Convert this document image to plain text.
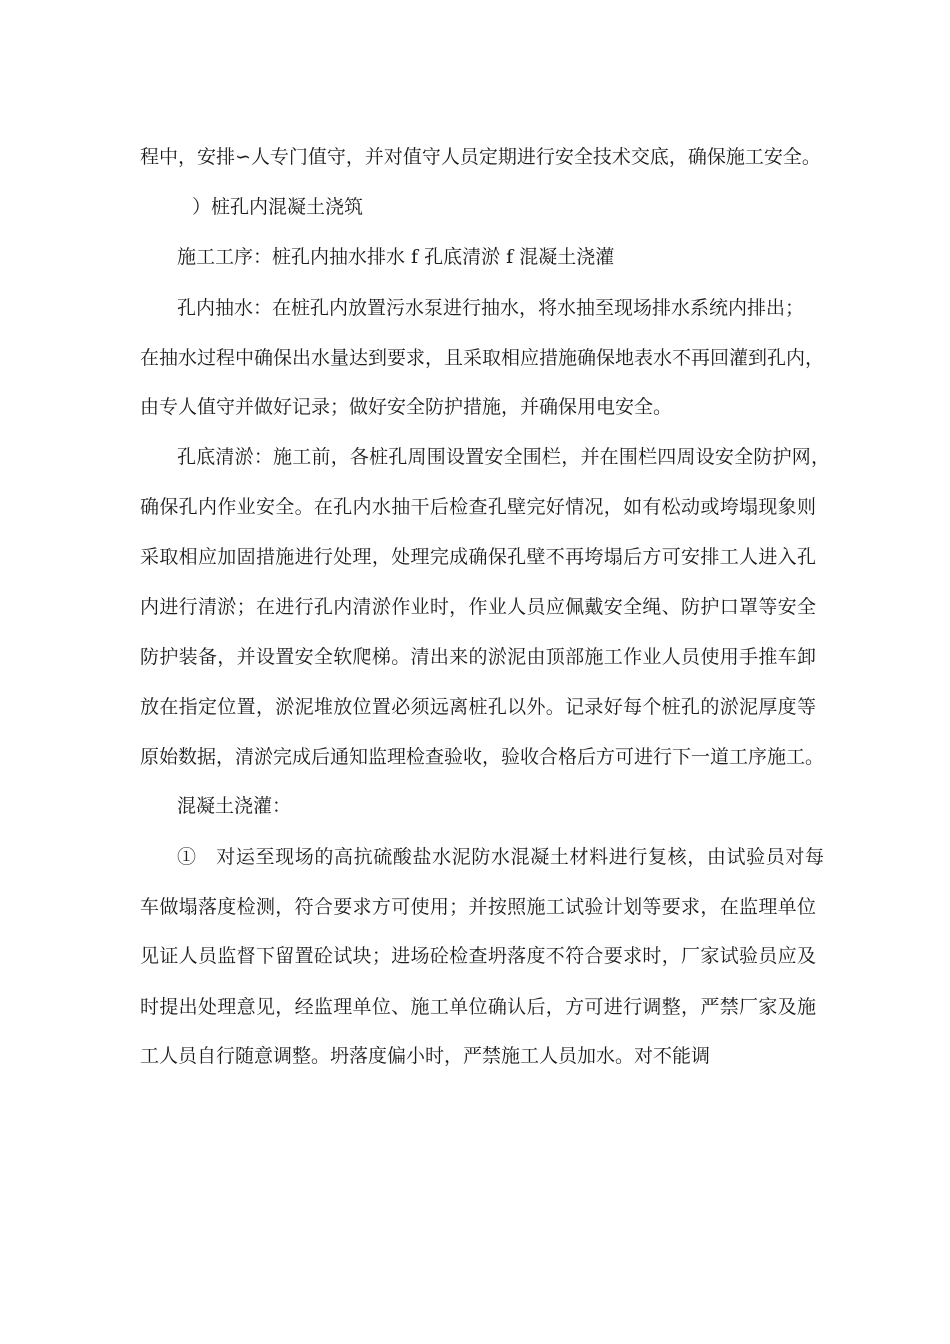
程中，安排∽人专门值守，并对值守人员定期进行安全技术交底，确保施工安全。
）桩孔内混凝土浇筑
施工工序：桩孔内抽水排水 f 孔底清淤 f 混凝土浇灌
孔内抽水：在桩孔内放置污水泵进行抽水，将水抽至现场排水系统内排出；
在抽水过程中确保出水量达到要求，且采取相应措施确保地表水不再回灌到孔内，
由专人值守并做好记录；做好安全防护措施，并确保用电安全。
孔底清淤：施工前，各桩孔周围设置安全围栏，并在围栏四周设安全防护网，
确保孔内作业安全。在孔内水抽干后检查孔壁完好情况，如有松动或垮塌现象则
采取相应加固措施进行处理，处理完成确保孔壁不再垮塌后方可安排工人进入孔
内进行清淤；在进行孔内清淤作业时，作业人员应佩戴安全绳、防护口罩等安全
防护装备，并设置安全软爬梯。清出来的淤泥由顶部施工作业人员使用手推车卸
放在指定位置，淤泥堆放位置必须远离桩孔以外。记录好每个桩孔的淤泥厚度等
原始数据，清淤完成后通知监理检查验收，验收合格后方可进行下一道工序施工。
混凝土浇灌：
①　对运至现场的高抗硫酸盐水泥防水混凝土材料进行复核，由试验员对每
车做塌落度检测，符合要求方可使用；并按照施工试验计划等要求，在监理单位
见证人员监督下留置砼试块；进场砼检查坍落度不符合要求时，厂家试验员应及
时提出处理意见，经监理单位、施工单位确认后，方可进行调整，严禁厂家及施
工人员自行随意调整。坍落度偏小时，严禁施工人员加水。对不能调
